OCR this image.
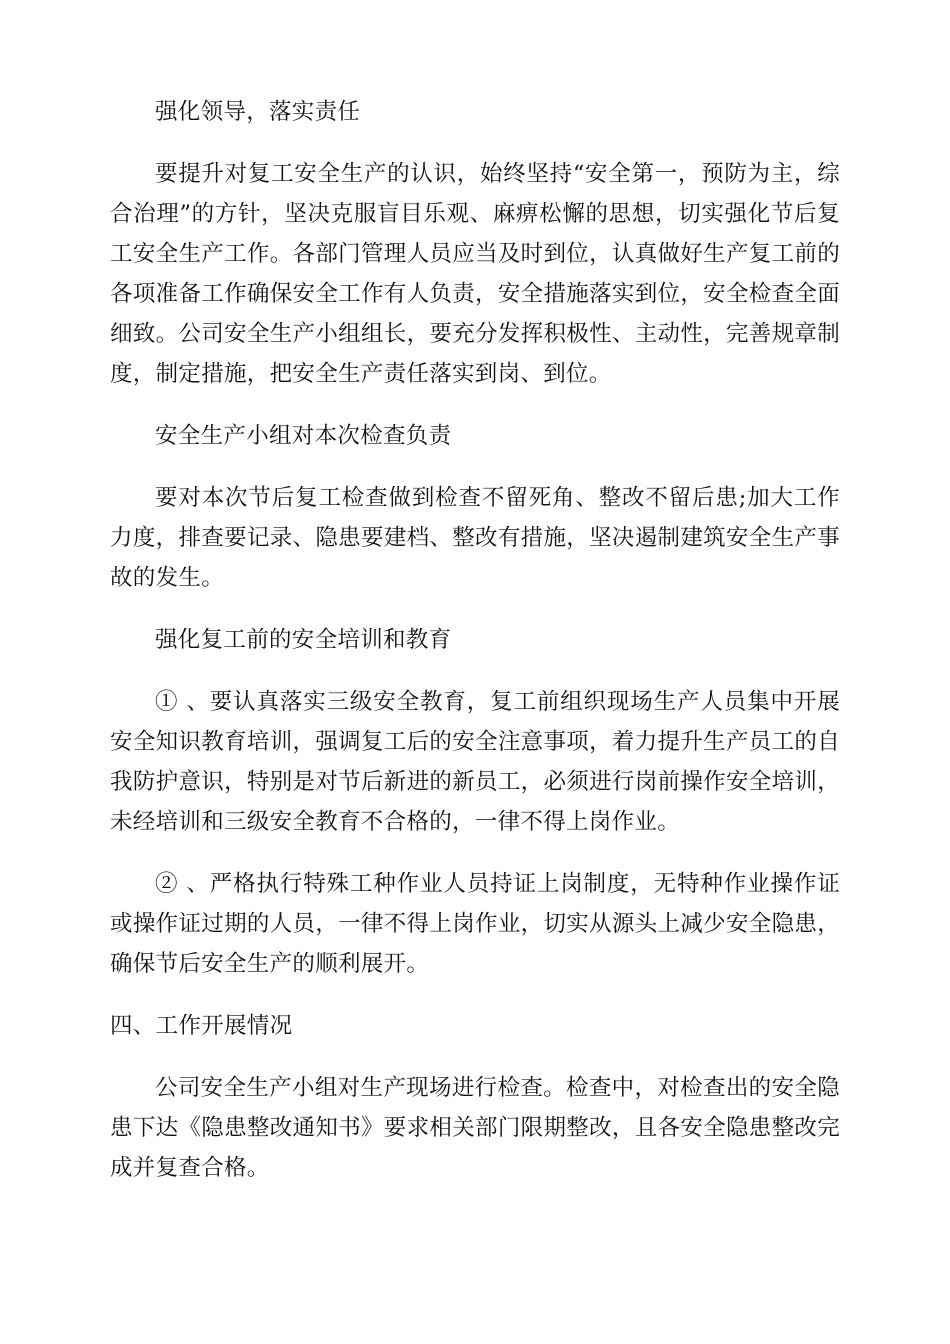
强化领导，落实责任
要提升对复工安全生产的认识，始终坚持“安全第一，预防为主，综合治理”的方针，坚决克服盲目乐观、麻痹松懈的思想，切实强化节后复工安全生产工作。各部门管理人员应当及时到位，认真做好生产复工前的各项准备工作确保安全工作有人负责，安全措施落实到位，安全检查全面细致。公司安全生产小组组长，要充分发挥积极性、主动性，完善规章制度，制定措施，把安全生产责任落实到岗、到位。
安全生产小组对本次检查负责
要对本次节后复工检查做到检查不留死角、整改不留后患;加大工作力度，排查要记录、隐患要建档、整改有措施，坚决遏制建筑安全生产事故的发生。
强化复工前的安全培训和教育
① 、要认真落实三级安全教育，复工前组织现场生产人员集中开展安全知识教育培训，强调复工后的安全注意事项，着力提升生产员工的自我防护意识，特别是对节后新进的新员工，必须进行岗前操作安全培训，未经培训和三级安全教育不合格的，一律不得上岗作业。
② 、严格执行特殊工种作业人员持证上岗制度，无特种作业操作证或操作证过期的人员，一律不得上岗作业，切实从源头上减少安全隐患，确保节后安全生产的顺利展开。
四、工作开展情况
公司安全生产小组对生产现场进行检查。检查中，对检查出的安全隐患下达《隐患整改通知书》要求相关部门限期整改，且各安全隐患整改完成并复查合格。
